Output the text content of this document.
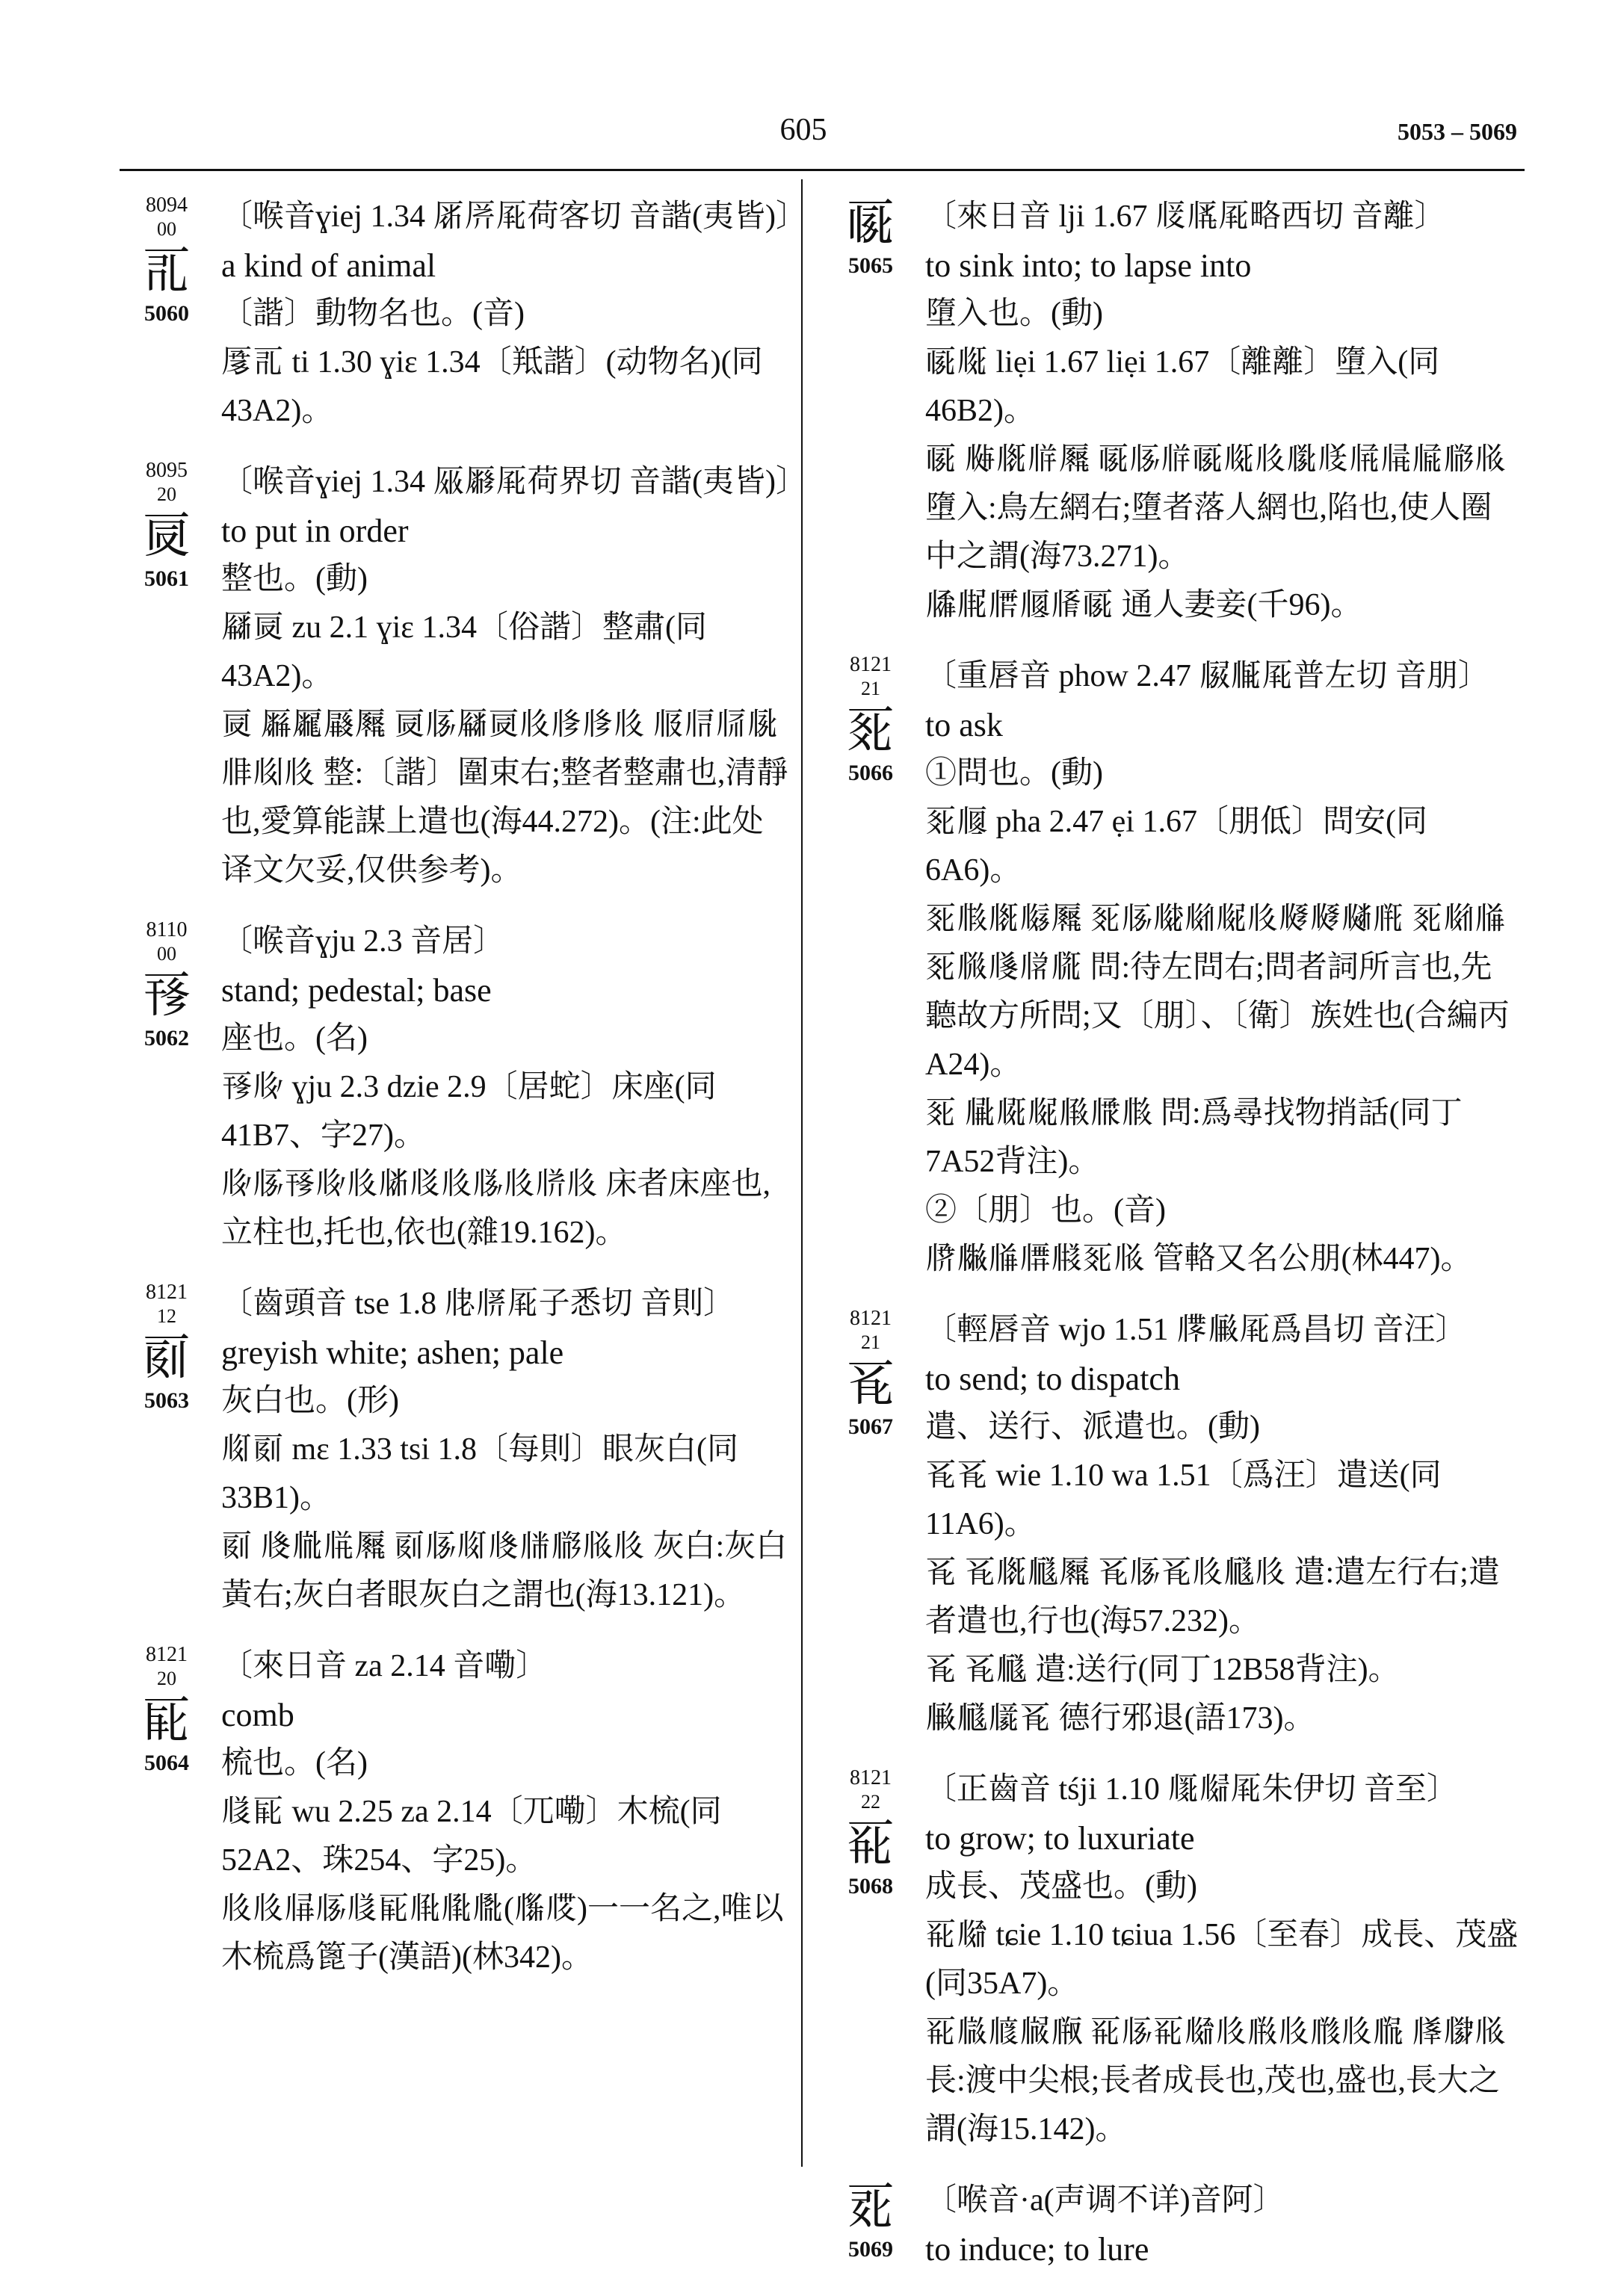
605	5053 – 5069
8094
00
𗀀
5060
〔喉音ɣiej 1.34 𗄞𗄟𗄠荷客切 音諧(夷皆)〕
a kind of animal
〔諧〕動物名也。(音)
𗄡𗀀 ti 1.30 ɣiɛ 1.34〔羝諧〕(动物名)(同43A2)。
8095
20
𗀁
5061
〔喉音ɣiej 1.34 𗄢𗄣𗄠荷界切 音諧(夷皆)〕
to put in order
整也。(動)
𗄤𗀁 zu 2.1 ɣiɛ 1.34〔俗諧〕整肅(同43A2)。
𗀁 𗄥𗄦𗄧𗄨 𗀁𗄩𗄤𗀁𗄪𗄫𗄫𗄪 𗄬𗄭𗄮𗄯𗄰𗄱𗄪 整:〔諧〕圍束右;整者整肅也,清靜也,愛算能謀上遣也(海44.272)。(注:此处译文欠妥,仅供参考)。
8110
00
𗀂
5062
〔喉音ɣju 2.3 音居〕
stand; pedestal; base
座也。(名)
𗀂𗄲 ɣju 2.3 dzie 2.9〔居蛇〕床座(同41B7、字27)。
𗄲𗄩𗀂𗄲𗄪𗄳𗄴𗄪𗄵𗄪𗄶𗄪 床者床座也,立柱也,托也,依也(雜19.162)。
8121
12
𗀃
5063
〔齒頭音 tse 1.8 𗄷𗄸𗄠子悉切 音則〕
greyish white; ashen; pale
灰白也。(形)
𗄹𗀃 mɛ 1.33 tsi 1.8〔每則〕眼灰白(同33B1)。
𗀃 𗄺𗄻𗄼𗄨 𗀃𗄩𗄹𗄺𗄽𗄾𗄿𗄪 灰白:灰白黃右;灰白者眼灰白之謂也(海13.121)。
8121
20
𗀄
5064
〔來日音 za 2.14 音嘞〕
comb
梳也。(名)
𗅀𗀄 wu 2.25 za 2.14〔兀嘞〕木梳(同52A2、珠254、字25)。
𗄪𗄪𗅁𗄩𗅀𗀄𗅂𗅃𗅄(𗅅𗅆)一一名之,唯以木梳爲篦子(漢語)(林342)。
𗀅
5065
〔來日音 lji 1.67 𗅇𗅈𗄠略西切 音離〕
to sink into; to lapse into
墮入也。(動)
𗀅𗅉 liẹi 1.67 liẹi 1.67〔離離〕墮入(同46B2)。
𗀅 𗅊𗅋𗅌𗄨 𗀅𗄩𗅌𗀅𗅉𗄪𗅍𗅎𗅏𗅐𗅑𗄾𗄿 墮入:鳥左網右;墮者落人網也,陷也,使人圈中之謂(海73.271)。
𗅒𗅓𗅔𗅕𗅖𗀅 通人妻妾(千96)。
8121
21
𗀆
5066
〔重唇音 phow 2.47 𗅗𗅘𗄠普左切 音朋〕
to ask
①問也。(動)
𗀆𗅕 pha 2.47 ẹi 1.67〔朋低〕問安(同6A6)。
𗀆𗅙𗅋𗅚𗄨 𗀆𗄩𗅛𗅜𗅝𗄪𗅞𗅞𗅟𗅠 𗀆𗅜𗅡𗀆𗅢𗅣𗅤𗅥 問:待左問右;問者詞所言也,先聽故方所問;又〔朋〕、〔衛〕族姓也(合編丙A24)。
𗀆 𗅦𗅧𗅝𗅨𗅩𗅙 問:爲尋找物捎話(同丁7A52背注)。
②〔朋〕也。(音)
𗅪𗅫𗅡𗅬𗅭𗀆𗄿 管輅又名公朋(林447)。
8121
21
𗀇
5067
〔輕唇音 wjo 1.51 𗅮𗅯𗄠爲昌切 音汪〕
to send; to dispatch
遣、送行、派遣也。(動)
𗀇𗀇 wie 1.10 wa 1.51〔爲汪〕遣送(同11A6)。
𗀇 𗀇𗅋𗅰𗄨 𗀇𗄩𗀇𗄪𗅰𗄪 遣:遣左行右;遣者遣也,行也(海57.232)。
𗀇 𗀇𗅰 遣:送行(同丁12B58背注)。
𗅯𗅰𗅱𗀇 德行邪退(語173)。
8121
22
𗀈
5068
〔正齒音 tśji 1.10 𗅲𗅳𗄠朱伊切 音至〕
to grow; to luxuriate
成長、茂盛也。(動)
𗀈𗅴 tɕie 1.10 tɕiua 1.56〔至春〕成長、茂盛(同35A7)。
𗀈𗅵𗅶𗅷𗅸 𗀈𗄩𗀈𗅴𗄪𗅹𗄪𗅺𗄪𗅻 𗅼𗅽𗄿 長:渡中尖根;長者成長也,茂也,盛也,長大之謂(海15.142)。
𗀉
5069
〔喉音·a(声调不详)音阿〕
to induce; to lure
